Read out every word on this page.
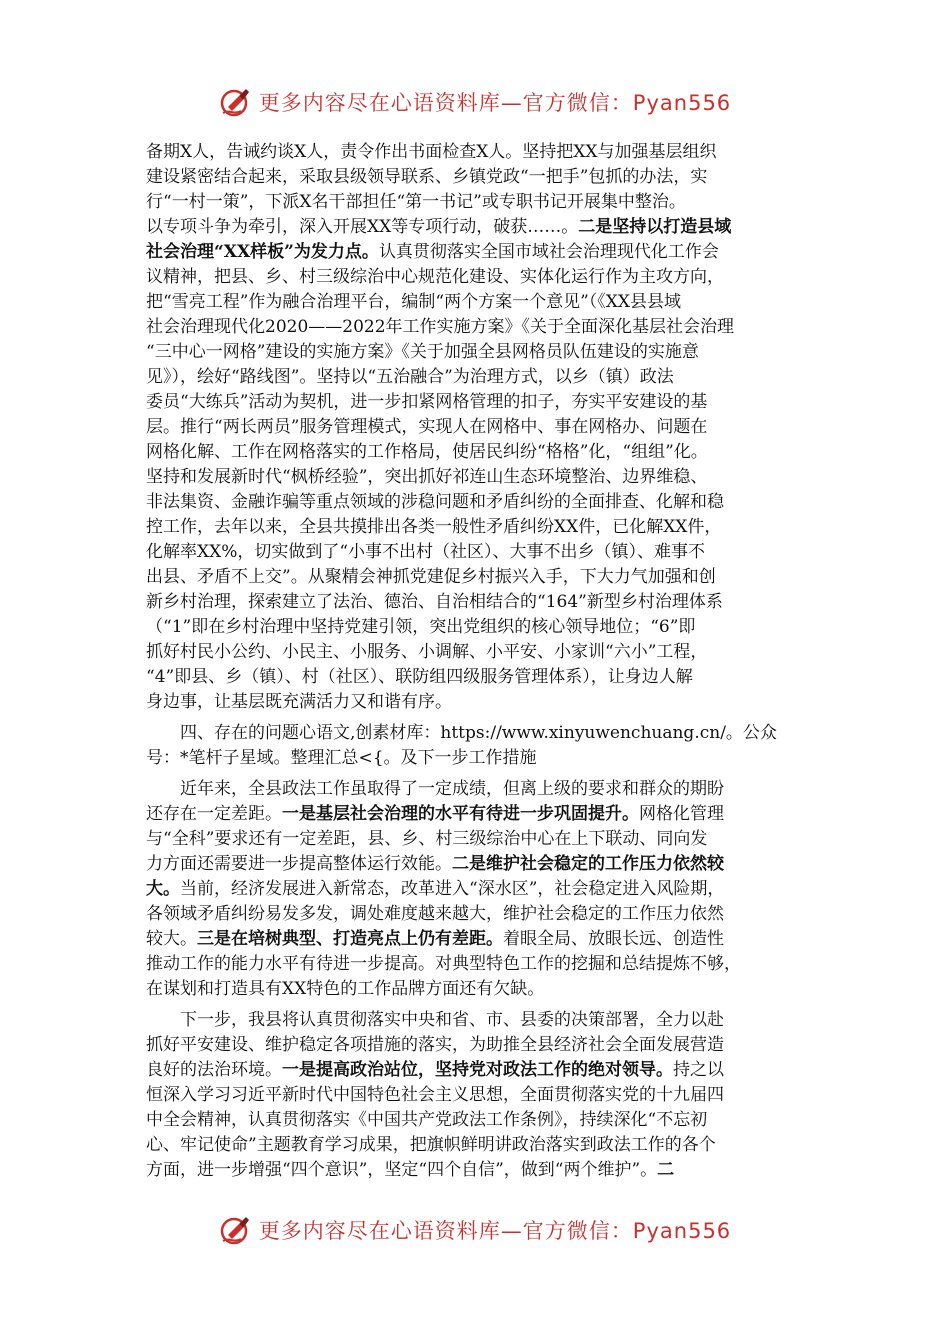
更多内容尽在心语资料库—官方微信：Pyan556
备期X人，告诫约谈X人，责令作出书面检查X人。坚持把XX与加强基层组织
建设紧密结合起来，采取县级领导联系、乡镇党政“一把手”包抓的办法，实
行“一村一策”，下派X名干部担任“第一书记”或专职书记开展集中整治。
以专项斗争为牵引，深入开展XX等专项行动，破获……。二是坚持以打造县域
社会治理“XX样板”为发力点。认真贯彻落实全国市域社会治理现代化工作会
议精神，把县、乡、村三级综治中心规范化建设、实体化运行作为主攻方向，
把“雪亮工程”作为融合治理平台，编制“两个方案一个意见”（《XX县县域
社会治理现代化2020——2022年工作实施方案》《关于全面深化基层社会治理
“三中心一网格”建设的实施方案》《关于加强全县网格员队伍建设的实施意
见》），绘好“路线图”。坚持以“五治融合”为治理方式，以乡（镇）政法
委员“大练兵”活动为契机，进一步扣紧网格管理的扣子，夯实平安建设的基
层。推行“两长两员”服务管理模式，实现人在网格中、事在网格办、问题在
网格化解、工作在网格落实的工作格局，使居民纠纷“格格”化，“组组”化。
坚持和发展新时代“枫桥经验”，突出抓好祁连山生态环境整治、边界维稳、
非法集资、金融诈骗等重点领域的涉稳问题和矛盾纠纷的全面排查、化解和稳
控工作，去年以来，全县共摸排出各类一般性矛盾纠纷XX件，已化解XX件，
化解率XX%，切实做到了“小事不出村（社区）、大事不出乡（镇）、难事不
出县、矛盾不上交”。从聚精会神抓党建促乡村振兴入手，下大力气加强和创
新乡村治理，探索建立了法治、德治、自治相结合的“164”新型乡村治理体系
（“1”即在乡村治理中坚持党建引领，突出党组织的核心领导地位；“6”即
抓好村民小公约、小民主、小服务、小调解、小平安、小家训“六小”工程，
“4”即县、乡（镇）、村（社区）、联防组四级服务管理体系），让身边人解
身边事，让基层既充满活力又和谐有序。
四、存在的问题心语文,创素材库：https://www.xinyuwenchuang.cn/。公众
号：*笔杆子星域。整理汇总<{。及下一步工作措施
近年来，全县政法工作虽取得了一定成绩，但离上级的要求和群众的期盼
还存在一定差距。一是基层社会治理的水平有待进一步巩固提升。网格化管理
与“全科”要求还有一定差距，县、乡、村三级综治中心在上下联动、同向发
力方面还需要进一步提高整体运行效能。二是维护社会稳定的工作压力依然较
大。当前，经济发展进入新常态，改革进入“深水区”，社会稳定进入风险期，
各领域矛盾纠纷易发多发，调处难度越来越大，维护社会稳定的工作压力依然
较大。三是在培树典型、打造亮点上仍有差距。着眼全局、放眼长远、创造性
推动工作的能力水平有待进一步提高。对典型特色工作的挖掘和总结提炼不够，
在谋划和打造具有XX特色的工作品牌方面还有欠缺。
下一步，我县将认真贯彻落实中央和省、市、县委的决策部署，全力以赴
抓好平安建设、维护稳定各项措施的落实，为助推全县经济社会全面发展营造
良好的法治环境。一是提高政治站位，坚持党对政法工作的绝对领导。持之以
恒深入学习习近平新时代中国特色社会主义思想，全面贯彻落实党的十九届四
中全会精神，认真贯彻落实《中国共产党政法工作条例》，持续深化“不忘初
心、牢记使命”主题教育学习成果，把旗帜鲜明讲政治落实到政法工作的各个
方面，进一步增强“四个意识”，坚定“四个自信”，做到“两个维护”。二
更多内容尽在心语资料库—官方微信：Pyan556
